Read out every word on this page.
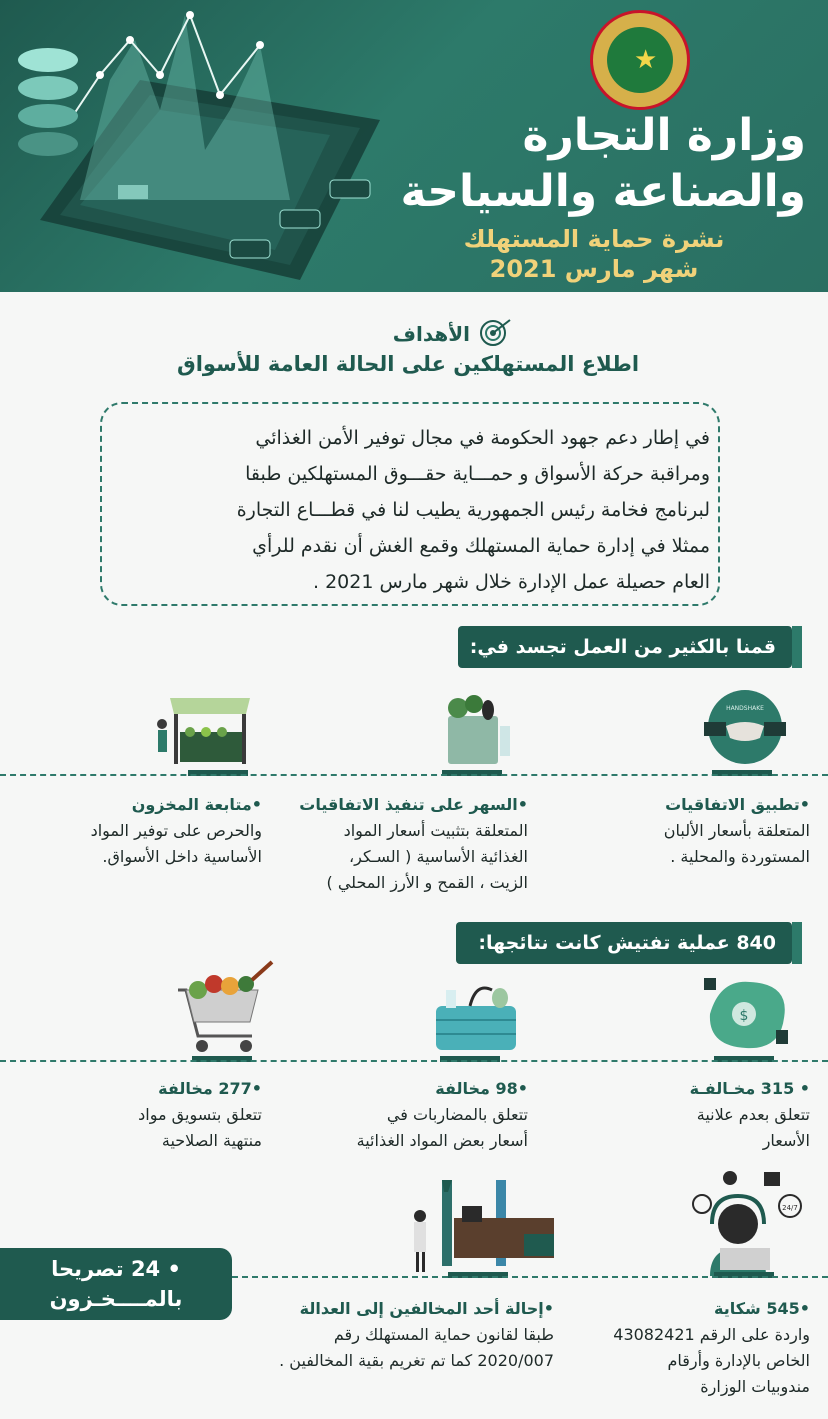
★
وزارة التجارة
والصناعة والسياحة
نشرة حماية المستهلك
شهر مارس 2021
الأهداف
اطلاع المستهلكين على الحالة العامة للأسواق
في إطار دعم جهود الحكومة في مجال توفير الأمن الغذائي
ومراقبة حركة الأسواق و حمـــاية حقـــوق المستهلكين طبقا
لبرنامج فخامة رئيس الجمهورية يطيب لنا في قطـــاع التجارة
ممثلا في إدارة حماية المستهلك وقمع الغش أن نقدم للرأي
العام حصيلة عمل الإدارة خلال شهر مارس 2021 .
قمنا بالكثير من العمل تجسد في:
HANDSHAKE
•تطبيق الاتفاقيات
المتعلقة بأسعار الألبان
المستوردة والمحلية .
•السهر على تنفيذ الاتفاقيات
المتعلقة بتثبيت أسعار المواد
الغذائية الأساسية ( السـكر،
الزيت ، القمح و الأرز المحلي )
•متابعة المخزون
والحرص على توفير المواد
الأساسية داخل الأسواق.
840 عملية تفتيش كانت نتائجها:
$
• 315 مخـالفـة
تتعلق بعدم علانية
الأسعار
•98 مخالفة
تتعلق بالمضاربات في
أسعار بعض المواد الغذائية
•277 مخالفة
تتعلق بتسويق مواد
منتهية الصلاحية
24/7
• 24 تصريحا
بالمــــخـزون	•545 شكاية
واردة على الرقم 43082421
الخاص بالإدارة وأرقام
مندوبيات الوزارة
•إحالة أحد المخالفين إلى العدالة
طبقا لقانون حماية المستهلك رقم
2020/007 كما تم تغريم بقية المخالفين .
